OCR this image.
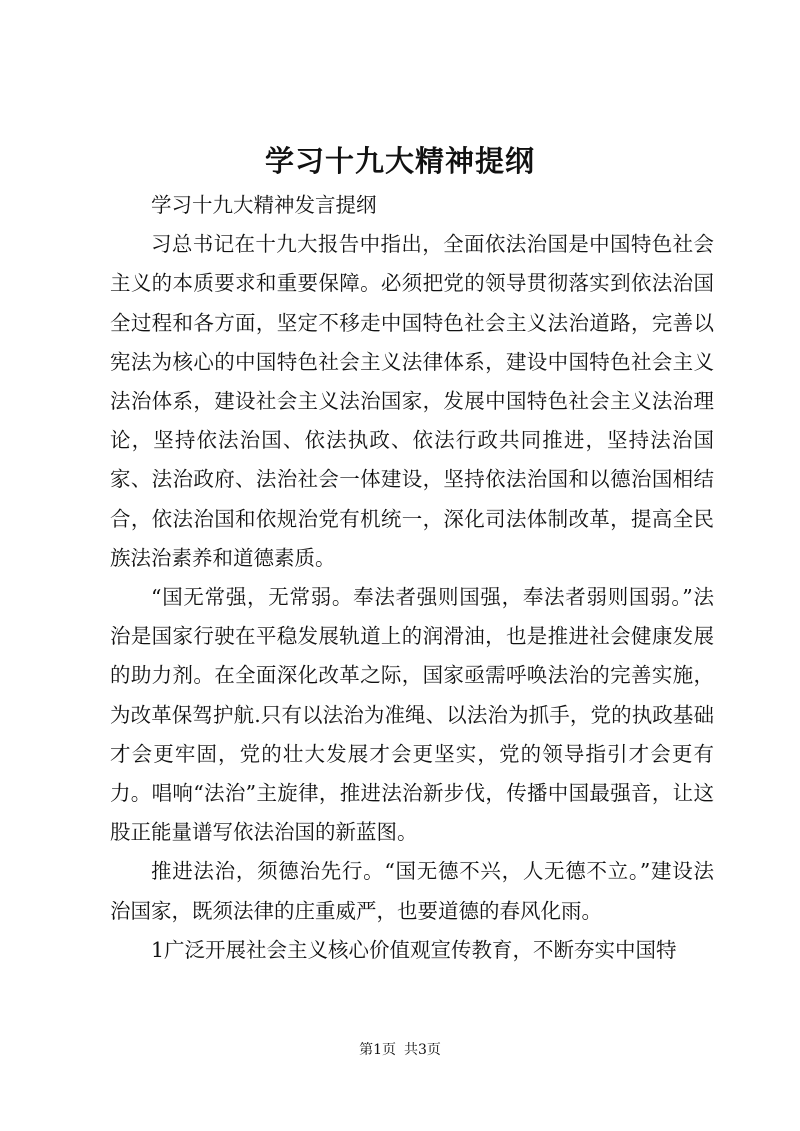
学习十九大精神提纲

学习十九大精神发言提纲

习总书记在十九大报告中指出，全面依法治国是中国特色社会主义的本质要求和重要保障。必须把党的领导贯彻落实到依法治国全过程和各方面，坚定不移走中国特色社会主义法治道路，完善以宪法为核心的中国特色社会主义法律体系，建设中国特色社会主义法治体系，建设社会主义法治国家，发展中国特色社会主义法治理论，坚持依法治国、依法执政、依法行政共同推进，坚持法治国家、法治政府、法治社会一体建设，坚持依法治国和以德治国相结合，依法治国和依规治党有机统一，深化司法体制改革，提高全民族法治素养和道德素质。

“国无常强，无常弱。奉法者强则国强，奉法者弱则国弱。”法治是国家行驶在平稳发展轨道上的润滑油，也是推进社会健康发展的助力剂。在全面深化改革之际，国家亟需呼唤法治的完善实施，为改革保驾护航.只有以法治为准绳、以法治为抓手，党的执政基础才会更牢固，党的壮大发展才会更坚实，党的领导指引才会更有力。唱响“法治”主旋律，推进法治新步伐，传播中国最强音，让这股正能量谱写依法治国的新蓝图。

推进法治，须德治先行。“国无德不兴，人无德不立。”建设法治国家，既须法律的庄重威严，也要道德的春风化雨。

1广泛开展社会主义核心价值观宣传教育，不断夯实中国特

第1页 共3页
